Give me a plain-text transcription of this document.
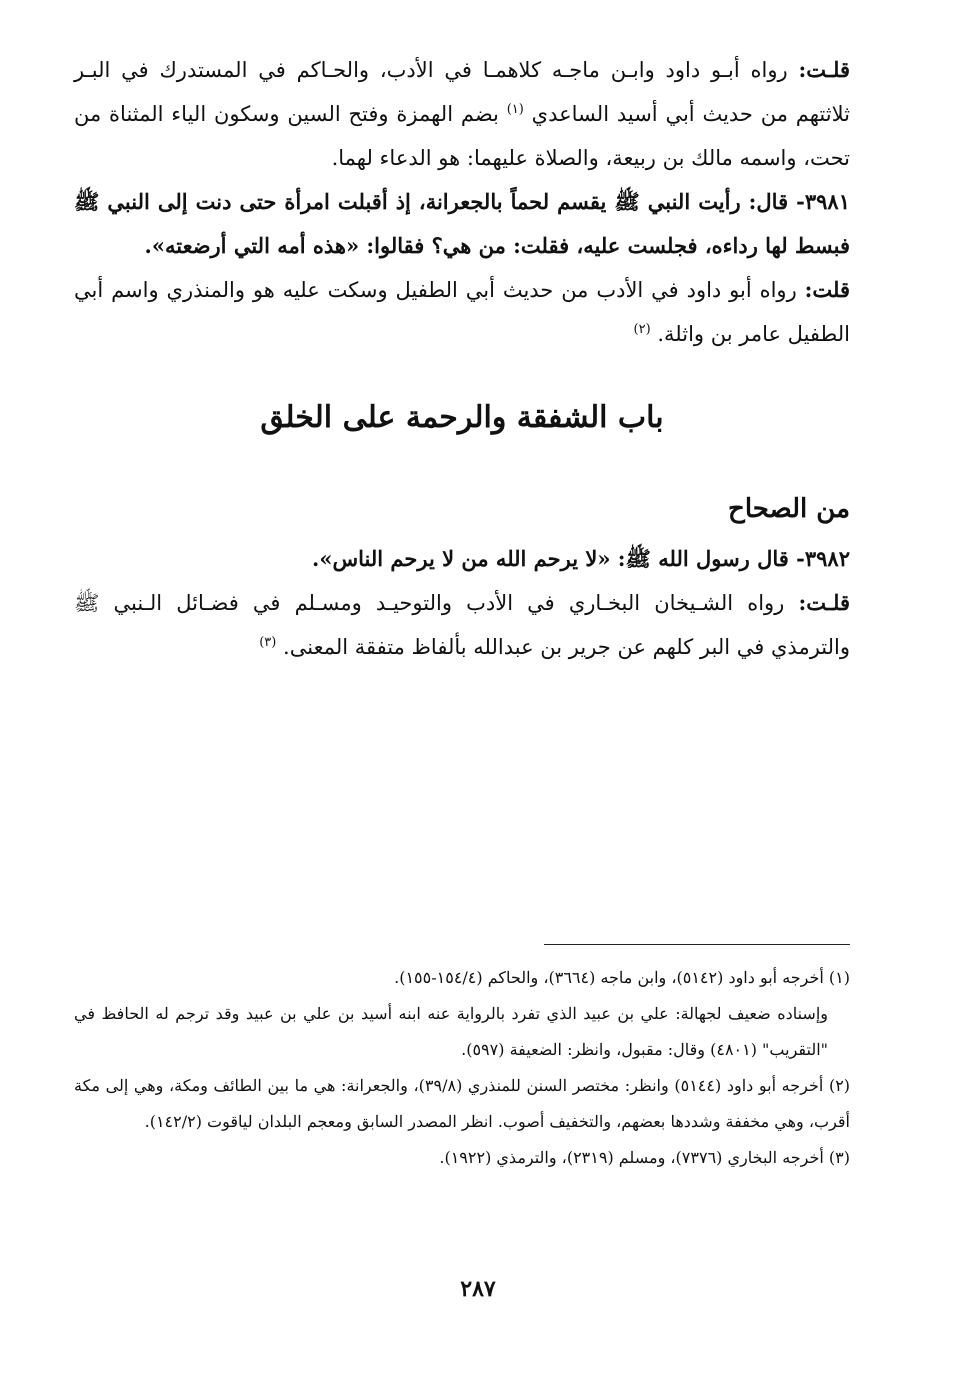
قلـت: رواه أبـو داود وابـن ماجـه كلاهمـا في الأدب، والحـاكم في المستدرك في البـر ثلاثتهم من حديث أبي أسيد الساعدي $^{(١)}$ بضم الهمزة وفتح السين وسكون الياء المثناة من تحت، واسمه مالك بن ربيعة، والصلاة عليهما: هو الدعاء لهما.

٣٩٨١- قال: رأيت النبي ﷺ يقسم لحماً بالجعرانة، إذ أقبلت امرأة حتى دنت إلى النبي ﷺ فبسط لها رداءه، فجلست عليه، فقلت: من هي؟ فقالوا: «هذه أمه التي أرضعته».

قلت: رواه أبو داود في الأدب من حديث أبي الطفيل وسكت عليه هو والمنذري واسم أبي الطفيل عامر بن واثلة. $^{(٢)}$

باب الشفقة والرحمة على الخلق
من الصحاح

٣٩٨٢- قال رسول الله ﷺ: «لا يرحم الله من لا يرحم الناس».

قلـت: رواه الشـيخان البخـاري في الأدب والتوحيـد ومسـلم في فضـائل الـنبي ﷺ والترمذي في البر كلهم عن جرير بن عبدالله بألفاظ متفقة المعنى. $^{(٣)}$

(١) أخرجه أبو داود (٥١٤٢)، وابن ماجه (٣٦٦٤)، والحاكم (١٥٤/٤-١٥٥).

وإسناده ضعيف لجهالة: علي بن عبيد الذي تفرد بالرواية عنه ابنه أسيد بن علي بن عبيد وقد ترجم له الحافظ في "التقريب" (٤٨٠١) وقال: مقبول، وانظر: الضعيفة (٥٩٧).

(٢) أخرجه أبو داود (٥١٤٤) وانظر: مختصر السنن للمنذري (٣٩/٨)، والجعرانة: هي ما بين الطائف ومكة، وهي إلى مكة أقرب، وهي مخففة وشددها بعضهم، والتخفيف أصوب. انظر المصدر السابق ومعجم البلدان لياقوت (١٤٢/٢).

(٣) أخرجه البخاري (٧٣٧٦)، ومسلم (٢٣١٩)، والترمذي (١٩٢٢).

٢٨٧
